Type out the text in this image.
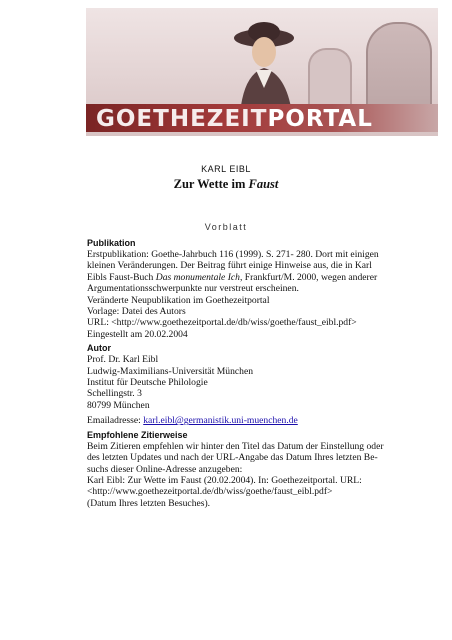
GOETHEZEITPORTAL
KARL EIBL
Zur Wette im Faust
Vorblatt
Publikation

Erstpublikation: Goethe-Jahrbuch 116 (1999). S. 271- 280. Dort mit einigen
kleinen Veränderungen. Der Beitrag führt einige Hinweise aus, die in Karl
Eibls Faust-Buch Das monumentale Ich, Frankfurt/M. 2000, wegen anderer
Argumentationsschwerpunkte nur verstreut erscheinen.
Veränderte Neupublikation im Goethezeitportal
Vorlage: Datei des Autors
URL: <http://www.goethezeitportal.de/db/wiss/goethe/faust_eibl.pdf>
Eingestellt am 20.02.2004

Autor

Prof. Dr. Karl Eibl
Ludwig-Maximilians-Universität München
Institut für Deutsche Philologie
Schellingstr. 3
80799 München
Emailadresse: karl.eibl@germanistik.uni-muenchen.de

Empfohlene Zitierweise

Beim Zitieren empfehlen wir hinter den Titel das Datum der Einstellung oder
des letzten Updates und nach der URL-Angabe das Datum Ihres letzten Be-
suchs dieser Online-Adresse anzugeben:
Karl Eibl: Zur Wette im Faust (20.02.2004). In: Goethezeitportal. URL:
<http://www.goethezeitportal.de/db/wiss/goethe/faust_eibl.pdf>
(Datum Ihres letzten Besuches).
